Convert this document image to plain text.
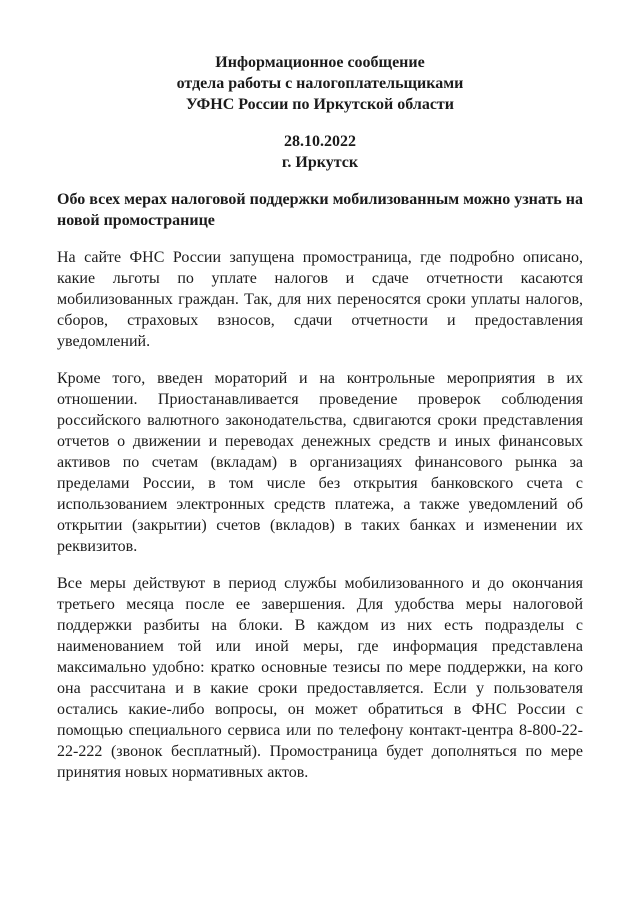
Информационное сообщение
отдела работы с налогоплательщиками
УФНС России по Иркутской области
28.10.2022
г. Иркутск
Обо всех мерах налоговой поддержки мобилизованным можно узнать на новой промостранице

На сайте ФНС России запущена промостраница, где подробно описано, какие льготы по уплате налогов и сдаче отчетности касаются мобилизованных граждан. Так, для них переносятся сроки уплаты налогов, сборов, страховых взносов, сдачи отчетности и предоставления уведомлений.

Кроме того, введен мораторий и на контрольные мероприятия в их отношении. Приостанавливается проведение проверок соблюдения российского валютного законодательства, сдвигаются сроки представления отчетов о движении и переводах денежных средств и иных финансовых активов по счетам (вкладам) в организациях финансового рынка за пределами России, в том числе без открытия банковского счета с использованием электронных средств платежа, а также уведомлений об открытии (закрытии) счетов (вкладов) в таких банках и изменении их реквизитов.

Все меры действуют в период службы мобилизованного и до окончания третьего месяца после ее завершения. Для удобства меры налоговой поддержки разбиты на блоки. В каждом из них есть подразделы с наименованием той или иной меры, где информация представлена максимально удобно: кратко основные тезисы по мере поддержки, на кого она рассчитана и в какие сроки предоставляется. Если у пользователя остались какие-либо вопросы, он может обратиться в ФНС России с помощью специального сервиса или по телефону контакт-центра 8-800-22-22-222 (звонок бесплатный). Промостраница будет дополняться по мере принятия новых нормативных актов.
